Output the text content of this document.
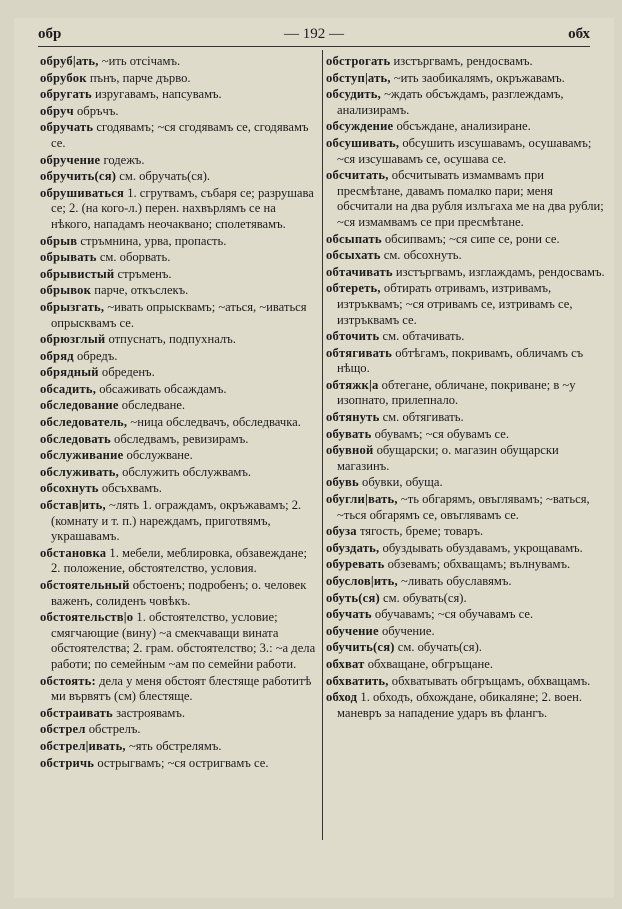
обр	— 192 —	обх
обруб|ать, ~ить отсічамъ.
обрубок пънъ, парче дърво.
обругать изругавамъ, напсувамъ.
обруч обръчъ.
обручать сгодявамъ; ~ся сгодявамъ се, сгодявамъ се.
обручение годежъ.
обручить(ся) см. обручать(ся).
обрушиваться 1. сгрутвамъ, събаря се; разрушава се; 2. (на кого-л.) перен. нахвърлямъ се на нѣкого, нападамъ неочаквано; сполетявамъ.
обрыв стръмнина, урва, пропасть.
обрывать см. оборвать.
обрывистый стръменъ.
обрывок парче, откъслекъ.
обрызгать, ~ивать опрысквамъ; ~аться, ~иваться опрысквамъ се.
обрюзглый отпуснатъ, подпухналъ.
обряд обредъ.
обрядный обреденъ.
обсадить, обсаживать обсаждамъ.
обследование обследване.
обследователь, ~ница обследвачъ, обследвачка.
обследовать обследвамъ, ревизирамъ.
обслуживание обслужване.
обслуживать, обслужить обслужвамъ.
обсохнуть обсъхвамъ.
обстав|ить, ~лять 1. ограждамъ, окръжавамъ; 2. (комнату и т. п.) нареждамъ, приготвямъ, украшавамъ.
обстановка 1. мебели, меблировка, обзавеждане; 2. положение, обстоятелство, условия.
обстоятельный обстоенъ; подробенъ; о. человек важенъ, солиденъ човѣкъ.
обстоятельств|о 1. обстоятелство, условие; смягчающие (вину) ~а смекчаващи вината обстоятелства; 2. грам. обстоятелство; 3.: ~а дела работи; по семейным ~ам по семейни работи.
обстоять: дела у меня обстоят блестяще работитѣ ми вървятъ (см) блестяще.
обстраивать застроявамъ.
обстрел обстрелъ.
обстрел|ивать, ~ять обстрелямъ.
обстричь острыгвамъ; ~ся остригвамъ се.
обстрогать изстъргвамъ, рендосвамъ.
обступ|ать, ~ить заобикалямъ, окръжавамъ.
обсудить, ~ждать обсъждамъ, разглеждамъ, анализирамъ.
обсуждение обсъждане, анализиране.
обсушивать, обсушить изсушавамъ, осушавамъ; ~ся изсушавамъ се, осушава се.
обсчитать, обсчитывать измамвамъ при пресмѣтане, давамъ помалко пари; меня обсчитали на два рубля излъгаха ме на два рубли; ~ся измамвамъ се при пресмѣтане.
обсыпать обсипвамъ; ~ся сипе се, рони се.
обсыхать см. обсохнуть.
обтачивать изстъргвамъ, изглаждамъ, рендосвамъ.
обтереть, обтирать отривамъ, изтривамъ, изтръквамъ; ~ся отривамъ се, изтривамъ се, изтръквамъ се.
обточить см. обтачивать.
обтягивать обтѣгамъ, покривамъ, обличамъ съ нѣщо.
обтяжк|а обтегане, обличане, покриване; в ~у изопнато, прилепнало.
обтянуть см. обтягивать.
обувать обувамъ; ~ся обувамъ се.
обувной обущарски; о. магазин обущарски магазинъ.
обувь обувки, обуща.
обугли|вать, ~ть обгарямъ, овъглявамъ; ~ваться, ~ться обгарямъ се, овъглявамъ се.
обуза тягость, бреме; товаръ.
обуздать, обуздывать обуздавамъ, укрощавамъ.
обуревать обзевамъ; обхващамъ; вълнувамъ.
обуслов|ить, ~ливать обуславямъ.
обуть(ся) см. обувать(ся).
обучать обучавамъ; ~ся обучавамъ се.
обучение обучение.
обучить(ся) см. обучать(ся).
обхват обхващане, обгръщане.
обхватить, обхватывать обгръщамъ, обхващамъ.
обход 1. обходъ, обхождане, обикаляне; 2. воен. маневръ за нападение ударъ въ флангъ.
